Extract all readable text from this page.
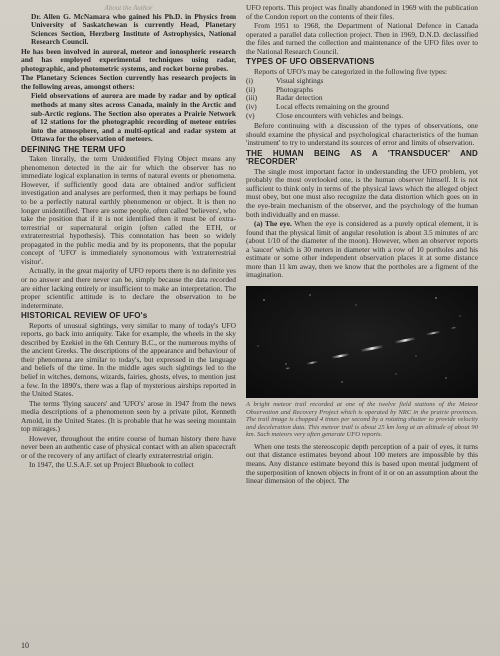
About the Author

Dr. Allen G. McNamara who gained his Ph.D. in Physics from University of Saskatchewan is currently Head, Planetary Sciences Section, Herzberg Institute of Astrophysics, National Research Council.

He has been involved in auroral, meteor and ionospheric research and has employed experimental techniques using radar, photographic, and photometric systems, and rocket borne probes.

The Planetary Sciences Section currently has research projects in the following areas, amongst others:

Field observations of aurora are made by radar and by optical methods at many sites across Canada, mainly in the Arctic and sub-Arctic regions. The Section also operates a Prairie Network of 12 stations for the photographic recording of meteor entries into the atmosphere, and a multi-optical and radar system at Ottawa for the observation of meteors.

DEFINING THE TERM UFO

Taken literally, the term Unidentified Flying Object means any phenomenon detected in the air for which the observer has no immediate logical explanation in terms of natural events or phenomena. However, if sufficiently good data are obtained and/or sufficient investigation and analyses are performed, then it may perhaps be found to be a perfectly natural earthly phenomenon or object. It is then no longer unidentified. There are some people, often called 'believers', who take the position that if it is not identified then it must be of extra-terrestrial or supernatural origin (often called the ETH, or extraterrestrial hypothesis). This connotation has been so widely propagated in the public media and by its proponents, that the popular concept of 'UFO' is immediately synonomous with 'extraterrestrial visitor'.

Actually, in the great majority of UFO reports there is no definite yes or no answer and there never can be, simply because the data recorded are either lacking entirely or insufficient to make an interpretation. The proper scientific attitude is to declare the observation to be indeterminate.

HISTORICAL REVIEW OF UFO's

Reports of unusual sightings, very similar to many of today's UFO reports, go back into antiquity. Take for example, the wheels in the sky described by Ezekiel in the 6th Century B.C., or the numerous myths of the ancient Greeks. The descriptions of the appearance and behaviour of their phenomena are similar to today's, but expressed in the language and beliefs of the time. In the middle ages such sightings led to the belief in witches, demons, wizards, fairies, ghosts, elves, to mention just a few. In the 1890's, there was a flap of mysterious airships reported in the United States.

The terms 'flying saucers' and 'UFO's' arose in 1947 from the news media descriptions of a phenomenon seen by a private pilot, Kenneth Arnold, in the United States. (It is probable that he was seeing mountain top mirages.)

However, throughout the entire course of human history there have never been an authentic case of physical contact with an alien spacecraft or of the recovery of any artifact of clearly extraterrestrial origin.

In 1947, the U.S.A.F. set up Project Bluebook to collect

UFO reports. This project was finally abandoned in 1969 with the publication of the Condon report on the contents of their files.

From 1951 to 1968, the Department of National Defence in Canada operated a parallel data collection project. Then in 1969, D.N.D. declassified the files and turned the collection and maintenance of the UFO files over to the National Research Council.

TYPES OF UFO OBSERVATIONS

Reports of UFO's may be categorized in the following five types:

(i)	Visual sightings
(ii)	Photographs
(iii)	Radar detection
(iv)	Local effects remaining on the ground
(v)	Close encounters with vehicles and beings.

Before continuing with a discussion of the types of observations, one should examine the physical and psychological characteristics of the human 'instrument' to try to understand its sources of error and limits of observation.

THE HUMAN BEING AS A 'TRANSDUCER' AND 'RECORDER'

The single most important factor in understanding the UFO problem, yet probably the most overlooked one, is the human observer himself. It is not sufficient to think only in terms of the physical laws which the alleged object must obey, but one must also recognize the data distortion which goes on in the eye-brain mechanism of the observer, and the psychology of the human both individually and en masse.

(a) The eye. When the eye is considered as a purely optical element, it is found that the physical limit of angular resolution is about 3.5 minutes of arc (about 1/10 of the diameter of the moon). However, when an observer reports a 'saucer' which is 30 meters in diameter with a row of 10 portholes and his estimate or some other independent observation places it at some distance more than 11 km away, then we know that the portholes are a figment of the imagination.

A bright meteor trail recorded at one of the twelve field stations of the Meteor Observation and Recovery Project which is operated by NRC in the prairie provinces. The trail image is chopped 4 times per second by a rotating shutter to provide velocity and deceleration data. This meteor trail is about 25 km long at an altitude of about 90 km. Such meteors very often generate UFO reports.

When one tests the stereoscopic depth perception of a pair of eyes, it turns out that distance estimates beyond about 100 meters are impossible by this means. Any distance estimate beyond this is based upon mental judgment of the superposition of known objects in front of it or on an assumption about the linear dimension of the object. The

10
